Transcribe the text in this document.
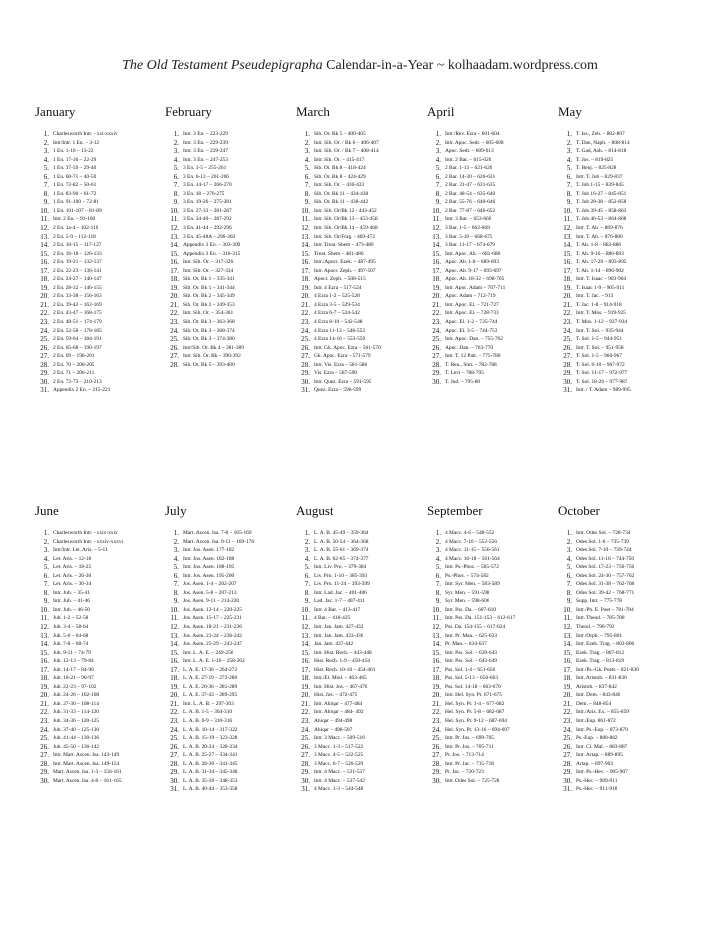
The Old Testament Pseudepigrapha Calendar-in-a-Year ~ kolhaadam.wordpress.com
January
1. Charlesworth Intr. - xxi-xxxiv
2. Intr/Intr. 1 En. – 3-12
3. 1 En. 1-16 – 13-22
4. 1 En. 17-36 – 22-29
5. 1 En. 37-59 – 29-40
6. 1 En. 60-71 – 40-50
7. 1 En. 72-82 – 50-61
8. 1 En. 83-90 – 61-72
9. 1 En. 91-100 – 72-81
10. 1 En. 101-107 – 81-89
11. Intr. 2 En. – 91-100
12. 2 En. 1a-4 – 102-110
13. 2 En. 5-9 – 112-118
14. 2 En. 10-15 – 117-127
15. 2 En. 16-18 – 126-133
16. 2 En. 19-21 – 132-137
17. 2 En. 22-23 – 136-141
18. 2 En. 24-27 – 140-147
19. 2 En. 28-32 – 146-155
20. 2 En. 33-38 – 156-163
21. 2 En. 39-42 – 162-169
22. 2 En. 43-47 – 168-175
23. 2 En. 48-51 – 174-179
24. 2 En. 52-58 – 178-185
25. 2 En. 59-64 – 184-191
26. 2 En. 65-68 – 190-197
27. 2 En. 69 – 196-201
28. 2 En. 70 – 200-205
29. 2 En. 71 – 206-211
30. 2 En. 72-73 – 210-213
31. Appendix 2 En. – 215-221
February
1. Intr. 3 En. – 223-229
2. Intr. 3 En. – 229-239
3. Intr. 3 En. – 239-247
4. Intr. 3 En. – 247-253
5. 3 En. 1-5 – 255-261
6. 3 En. 6-13 – 261-266
7. 3 En. 14-17 – 266-270
8. 3 En. 18 – 270-275
9. 3 En. 19-26 – 275-281
10. 3 En. 27-33 – 281-287
11. 3 En. 34-40 – 287-292
12. 3 En. 41-44 – 292-296
13. 3 En. 45-48A – 296-302
14. Appendix 3 En. – 303-309
15. Appendix 3 En. – 310-315
16. Intr. Sib. Or. – 317-326
17. Intr. Sib. Or. – 327-334
18. Sib. Or. Bk 1 – 335-341
19. Sib. Or. Bk 1 – 341-344
20. Sib. Or. Bk 2 – 345-349
21. Sib. Or. Bk 2 – 349-353
22. Intr. Sib. Or. – 354-361
23. Sib. Or. Bk 3 – 363-368
24. Sib. Or. Bk 3 – 368-374
25. Sib. Or. Bk 3 – 374-380
26. Intr/Sib. Or. Bk 4 – 381-389
27. Intr. Sib. Or. Bk – 390-392
28. Sib. Or. Bk 5 – 393-400
March
1. Sib. Or. Bk 5 – 400-405
2. Intr. Sib. Or. / Bk 6 – 406-407
3. Intr. Sib. Or. / Bk 7 – 408-414
4. Intr. Sib. Or. – 415-417
5. Sib. Or. Bk 8 – 418-424
6. Sib. Or. Bk 8 – 424-429
7. Intr. Sib. Or. – 430-433
8. Sib. Or. Bk 11 – 434-438
9. Sib. Or. Bk 11 – 438-442
10. Intr. Sib. Or/Bk 12 - 443-452
11. Intr. Sib. Or/Bk 13 – 453-458
12. Intr. Sib. Or/Bk 14 – 459-468
13. Intr. Sib. Or/Frag. - 469-472
14. Intr. Treat. Shem – 473-480
15. Treat. Shem – 481-486
16. Intr./Apocr. Ezek. – 487-495
17. Intr. Apocr. Zeph. – 497-507
18. Apocr. Zeph. – 508-515
19. Intr. 4 Ezra – 517-524
20. 4 Ezra 1-2 – 525-528
21. 4 Ezra 3-5 – 529-534
22. 4 Ezra 6-7 – 534-542
23. 4 Ezra 8-10 – 542-548
24. 4 Ezra 11-13 – 548-553
25. 4 Ezra 14-16 – 553-559
26. Intr. Gk. Apoc. Ezra – 561-570
27. Gk. Apoc. Ezra – 571-579
28. Intr. Vis. Ezra – 581-586
29. Vis. Ezra – 587-590
30. Intr. Quez. Ezra – 591-595
31. Quez. Ezra – 596-599
April
1. Intr./Rev. Ezra – 601-604
2. Intr. Apoc. Sedr. – 605-608
3. Apoc. Sedr. – 609-613
4. Intr. 2 Bar. – 615-620
5. 2 Bar. 1-13 – 621-626
6. 2 Bar. 14-30 – 626-631
7. 2 Bar. 31-47 – 631-635
8. 2 Bar. 48-54 – 635-640
9. 2 Bar. 55-76 – 640-646
10. 2 Bar. 77-87 – 646-652
11. Intr. 3 Bar. – 653-660
12. 3 Bar. 1-5 – 662-669
13. 3 Bar. 5-10 – 668-675
14. 3 Bar. 11-17 – 674-679
15. Intr. Apoc. Ab. – 681-688
16. Apoc. Ab. 1-8 – 689-693
17. Apoc. Ab. 9-17 – 693-697
18. Apoc. Ab. 18-32 – 698-705
19. Intr. Apoc. Adam – 707-711
20. Apoc. Adam – 712-719
21. Intr. Apoc. El. – 721-727
22. Intr. Apoc. El. – 728-733
23. Apoc. El. 1-2 – 735-744
24. Apoc. El. 3-5 – 744-753
25. Intr. Apoc. Dan. – 755-762
26. Apoc. Dan. – 763-770
27. Intr. T. 12 Patr. – 775-780
28. T. Reu., Sim. – 782-788
29. T. Levi – 788-795
30. T. Jud. – 795-80
May
1. T. Iss., Zeb. – 802-807
2. T. Dan, Naph. – 808-814
3. T. Gad, Ash. – 814-818
4. T. Jos. – 819-825
5. T. Benj. – 825-828
6. Intr. T. Job – 829-837
7. T. Job 1-15 – 839-845
8. T. Job 16-27 – 845-851
9. T. Job 28-38 – 852-858
10. T. Job 39-45 – 858-863
11. T. Job 46-53 – 864-868
12. Intr. T. Ab. – 869-876
13. Intr. T. Ab. – 876-880
14. T. Ab. 1-8 – 882-886
15. T. Ab. 9-16 – 886-893
16. T. Ab. 17-20 – 893-895
17. T. Ab. 1-14 – 896-902
18. Intr. T. Isaac – 903-904
19. T. Isaac 1-9 – 905-911
20. Intr. T. Jac. – 913
21. T. Jac. 1-8 – 914-918
22. Intr. T. Mos. – 919-925
23. T. Mos. 1-12 – 927-934
24. Intr. T. Sol. – 935-944
25. T. Sol. 1-5 – 944-951
26. Intr. T. Sol. – 951-958
27. T. Sol. 1-5 – 960-967
28. T. Sol. 6-10 – 967-972
29. T. Sol. 11-17 – 972-977
30. T. Sol. 18-26 – 977-987
31. Intr. / T. Adam – 989-995
June
1. Charlesworth Intr. - xxix-xxix
2. Charlesworth Intr. - xxxiv-xxxvi
3. Intr/Intr. Let. Aris. – 5-11
4. Let. Aris. – 12-18
5. Let. Aris. – 18-25
6. Let. Aris. – 26-30
7. Let. Aris. – 30-34
8. Intr. Jub. – 35-41
9. Intr. Jub. – 41-46
10. Intr. Jub. – 46-50
11. Jub. 1-2 – 52-58
12. Jub. 3-4 – 58-64
13. Jub. 5-6 – 64-68
14. Jub. 7-8 – 68-74
15. Jub. 9-11 – 74-79
16. Jub. 12-13 – 79-84
17. Jub. 14-17 – 84-90
18. Jub. 18-21 – 90-97
19. Jub. 22-23 – 97-102
20. Jub. 24-26 – 102-108
21. Jub. 27-30 – 108-114
22. Jub. 31-33 – 114-120
23. Jub. 34-36 – 120-125
24. Jub. 37-40 – 125-130
25. Jub. 41-44 – 130-136
26. Jub. 45-50 – 136-142
27. Intr. Mart. Ascen. Isa. 143-149
28. Intr. Mart. Ascen. Isa. 149-154
29. Mart. Ascen. Isa. 1-3 – 156-161
30. Mart. Ascen. Isa. 4-6 – 161-165
July
1. Mart. Ascen. Isa. 7-8 – 165-169
2. Mart. Ascen. Isa. 9-11 – 169-176
3. Intr. Jos. Asen. 177-182
4. Intr. Jos. Asen. 182-188
5. Intr. Jos. Asen. 188-195
6. Intr. Jos. Asen. 195-200
7. Jos. Asen. 1-4 – 202-207
8. Jos. Asen. 5-8 – 207-213
9. Jos. Asen. 9-11 – 214-220
10. Jos. Asen. 12-14 – 220-225
11. Jos. Asen. 15-17 – 225-231
12. Jos. Asen. 18-21 – 231-236
13. Jos. Asen. 21-24 – 236-242
14. Jos. Asen. 25-29 – 243-247
15. Intr. L. A. E. – 249-256
16. Intr. L. A. E. 1-16 – 258-262
17. L. A. E. 17-36 – 264-272
18. L. A. E. 27-19 – 272-280
19. L. A. E. 20-36 – 281-289
20. L. A. E. 37-43 – 289-295
21. Intr. L. A. B. – 297-303
22. L. A. B. 1-5 – 304-310
23. L. A. B. 6-9 – 310-316
24. L. A. B. 10-14 – 317-322
25. L. A. B. 15-19 – 323-328
26. L. A. B. 20-24 – 328-334
27. L. A. B. 25-27 – 334-341
28. L. A. B. 28-30 – 341-345
29. L. A. B. 31-34 – 345-348
30. L. A. B. 35-39 – 348-353
31. L. A. B. 40-44 – 353-358
August
1. L. A. B. 45-49 – 359-364
2. L. A. B. 50-54 – 364-368
3. L. A. B. 55-61 – 369-374
4. L. A. B. 62-65 – 374-377
5. Intr. Liv. Pro. – 379-384
6. Liv. Pro. 1-10 – 385-393
7. Liv. Pro. 11-24 – 393-399
8. Intr. Lad. Jac. – 401-406
9. Lad. Jac. 1-7 – 407-411
10. Intr. 4 Bar. – 413-417
11. 4 Bar. – 418-425
12. Intr. Jan. Jam. 427-432
13. Intr. Jan. Jam. 433-436
14. Jan. Jam. 437-442
15. Intr. Hist. Rech. – 443-448
16. Hist. Rech. 1-9 – 450-454
17. Hist. Rech. 10-18 – 454-461
18. Intr./El. Mod. – 463-465
19. Intr. Hist. Jos. – 467-470
20. Hist. Jos. – 472-475
21. Intr. Ahiqar – 477-484
22. Intr. Ahiqar – 484- 492
23. Ahiqar – 494-498
24. Ahiqar – 498-507
25. Intr. 3 Macc. – 509-516
26. 3 Macc. 1-3 – 517-522
27. 3 Macc. 4-5 – 522-525
28. 3 Macc. 6-7 – 526-529
29. Intr. 4 Macc. – 531-537
30. Intr. 4 Macc. – 537-542
31. 4 Macc. 1-3 – 544-548
September
1. 4 Macc. 4-6 – 548-552
2. 4 Macc. 7-10 – 552-556
3. 4 Macc. 11-15 – 556-561
4. 4 Macc. 16-18 – 561-564
5. Intr. Ps.-Phoc. – 565-572
6. Ps.-Phoc. – 574-582
7. Intr. Syr. Men. – 583-589
8. Syr. Men. – 591-598
9. Syr. Men. – 598-606
10. Intr. Pss. Da. – 607-610
11. Intr. Pss. Da. 151-153 – 612-617
12. Pss. Da. 154-155 – 617-624
13. Intr. Pr. Man. – 625-633
14. Pr. Man. – 634-637
15. Intr. Pss. Sol. – 639-643
16. Intr. Pss. Sol. – 643-649
17. Pss. Sol. 1-4 – 651-656
18. Pss. Sol. 5-13 – 656-663
19. Pss. Sol. 14-18 – 663-670
20. Intr. Hel. Syn. Pr. 671-675
21. Hel. Syn. Pr. 1-4 – 677-682
22. Hel. Syn. Pr. 5-8 – 682-687
23. Hel. Syn. Pr. 9-12 – 687-694
24. Hel. Syn. Pr. 13-16 – 694-697
25. Intr. Pr. Jos. – 699-705
26. Intr. Pr. Jos. – 705-711
27. Pr. Jos. – 713-714
28. Intr. Pr. Jac. – 715-718
29. Pr. Jac. – 720-723
30. Intr. Odes Sol. – 725-728
October
1. Intr. Odes Sol. – 728-734
2. Odes Sol. 1-6 – 735-739
3. Odes Sol. 7-10 – 739-744
4. Odes Sol. 11-16 – 744-750
5. Odes Sol. 17-23 – 750-756
6. Odes Sol. 24-30 – 757-762
7. Odes Sol. 31-38 – 762-768
8. Odes Sol. 39-42 – 768-771
9. Supp. Intr. – 775-778
10. Intr./Ph. E. Poet – 781-784
11. Intr. Theod. – 785-788
12. Theod. – 790-793
13. Intr./Orph. – 795-801
14. Intr. Ezek. Trag. – 803-806
15. Ezek. Trag. – 807-812
16. Ezek. Trag. – 813-819
17. Intr./Ps.-Gk. Poets – 821-830
18. Intr. Aristob. – 831-836
19. Aristob. – 837-842
20. Intr. Dem. - 843-846
21. Dem. – 848-854
22. Intr./Aris. Ex. – 855-859
23. Intr./Eup. 861-872
24. Intr. Ps.-Eup. – 873-879
25. Ps.-Eup. – 880-882
26. Intr. Cl. Mal. – 883-887
27. Intr. Artap. – 889-895
28. Artap. – 897-903
29. Intr. Ps.-Hec. – 905-907
30. Ps.-Hec. – 909-911
31. Ps.-Hec. – 911-918
